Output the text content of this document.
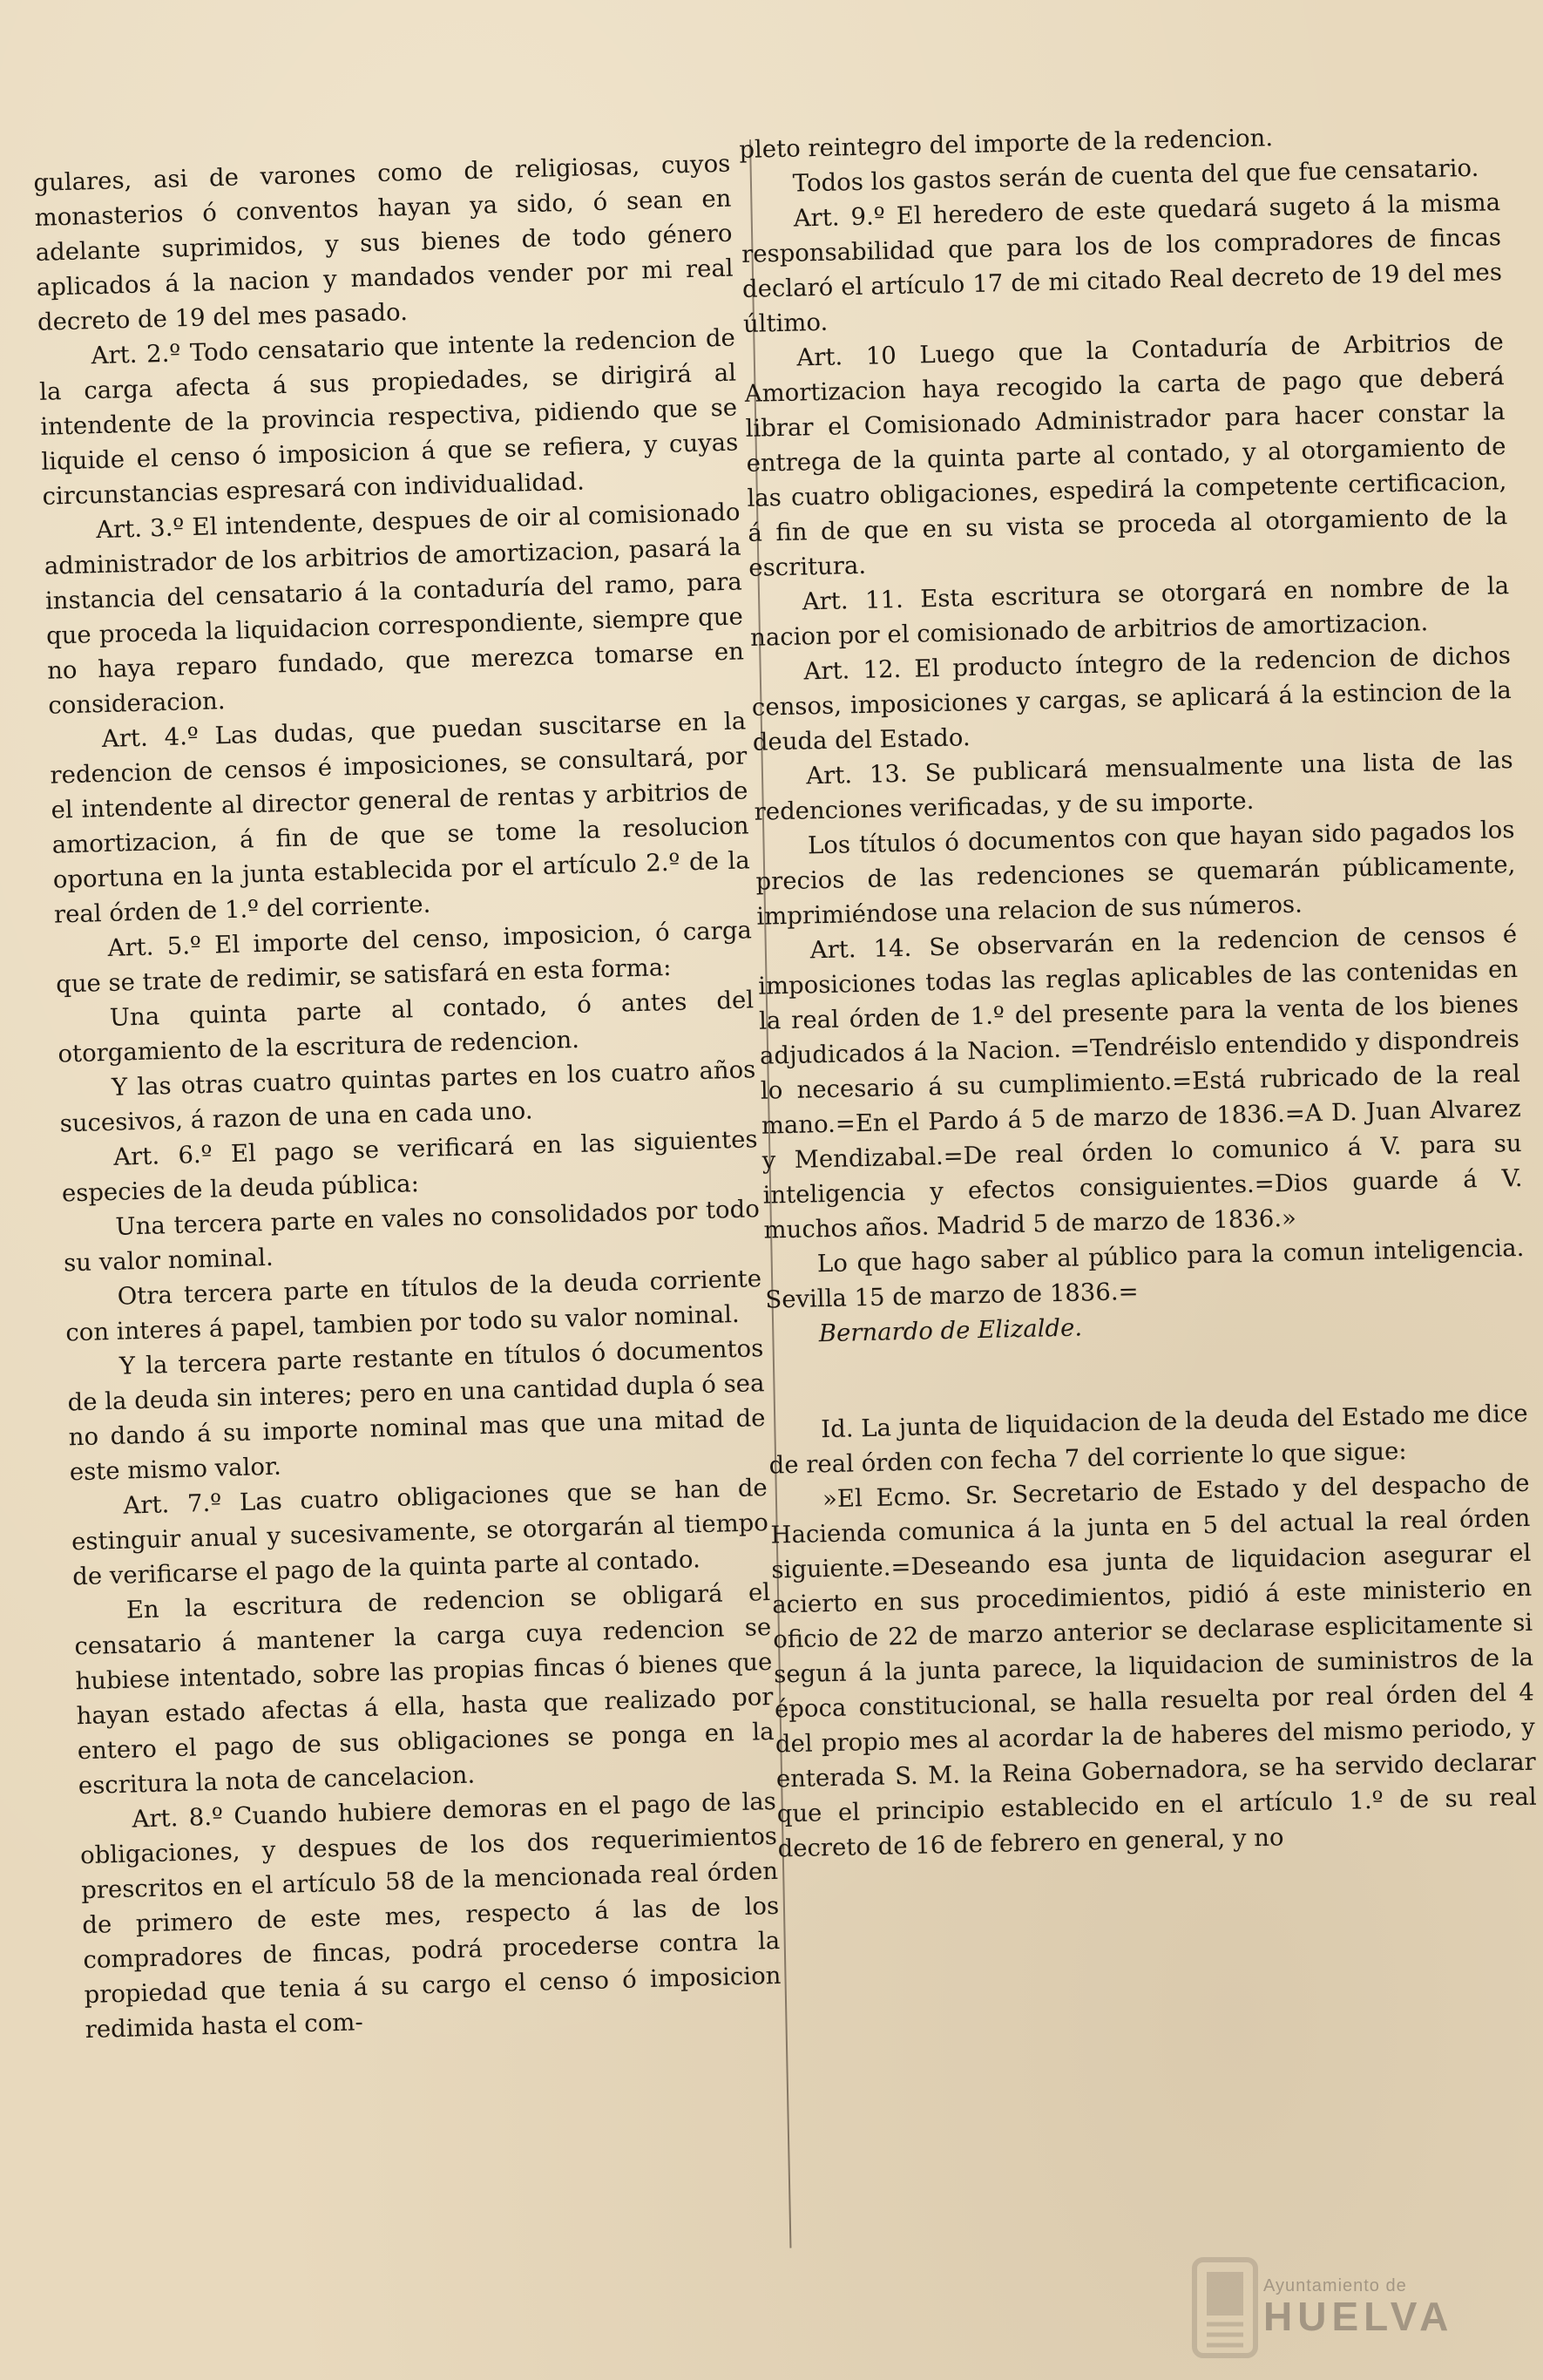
gulares, asi de varones como de religiosas, cuyos monasterios ó conventos hayan ya sido, ó sean en adelante suprimidos, y sus bienes de todo género aplicados á la nacion y mandados vender por mi real decreto de 19 del mes pasado.

Art. 2.º Todo censatario que intente la redencion de la carga afecta á sus propiedades, se dirigirá al intendente de la provincia respectiva, pidiendo que se liquide el censo ó imposicion á que se refiera, y cuyas circunstancias espresará con individualidad.

Art. 3.º El intendente, despues de oir al comisionado administrador de los arbitrios de amortizacion, pasará la instancia del censatario á la contaduría del ramo, para que proceda la liquidacion correspondiente, siempre que no haya reparo fundado, que merezca tomarse en consideracion.

Art. 4.º Las dudas, que puedan suscitarse en la redencion de censos é imposiciones, se consultará, por el intendente al director general de rentas y arbitrios de amortizacion, á fin de que se tome la resolucion oportuna en la junta establecida por el artículo 2.º de la real órden de 1.º del corriente.

Art. 5.º El importe del censo, imposicion, ó carga que se trate de redimir, se satisfará en esta forma:

Una quinta parte al contado, ó antes del otorgamiento de la escritura de redencion.

Y las otras cuatro quintas partes en los cuatro años sucesivos, á razon de una en cada uno.

Art. 6.º El pago se verificará en las siguientes especies de la deuda pública:

Una tercera parte en vales no consolidados por todo su valor nominal.

Otra tercera parte en títulos de la deuda corriente con interes á papel, tambien por todo su valor nominal.

Y la tercera parte restante en títulos ó documentos de la deuda sin interes; pero en una cantidad dupla ó sea no dando á su importe nominal mas que una mitad de este mismo valor.

Art. 7.º Las cuatro obligaciones que se han de estinguir anual y sucesivamente, se otorgarán al tiempo de verificarse el pago de la quinta parte al contado.

En la escritura de redencion se obligará el censatario á mantener la carga cuya redencion se hubiese intentado, sobre las propias fincas ó bienes que hayan estado afectas á ella, hasta que realizado por entero el pago de sus obligaciones se ponga en la escritura la nota de cancelacion.

Art. 8.º Cuando hubiere demoras en el pago de las obligaciones, y despues de los dos requerimientos prescritos en el artículo 58 de la mencionada real órden de primero de este mes, respecto á las de los compradores de fincas, podrá procederse contra la propiedad que tenia á su cargo el censo ó imposicion redimida hasta el com-

pleto reintegro del importe de la redencion.

Todos los gastos serán de cuenta del que fue censatario.

Art. 9.º El heredero de este quedará sugeto á la misma responsabilidad que para los de los compradores de fincas declaró el artículo 17 de mi citado Real decreto de 19 del mes último.

Art. 10 Luego que la Contaduría de Arbitrios de Amortizacion haya recogido la carta de pago que deberá librar el Comisionado Administrador para hacer constar la entrega de la quinta parte al contado, y al otorgamiento de las cuatro obligaciones, espedirá la competente certificacion, á fin de que en su vista se proceda al otorgamiento de la escritura.

Art. 11. Esta escritura se otorgará en nombre de la nacion por el comisionado de arbitrios de amortizacion.

Art. 12. El producto íntegro de la redencion de dichos censos, imposiciones y cargas, se aplicará á la estincion de la deuda del Estado.

Art. 13. Se publicará mensualmente una lista de las redenciones verificadas, y de su importe.

Los títulos ó documentos con que hayan sido pagados los precios de las redenciones se quemarán públicamente, imprimiéndose una relacion de sus números.

Art. 14. Se observarán en la redencion de censos é imposiciones todas las reglas aplicables de las contenidas en la real órden de 1.º del presente para la venta de los bienes adjudicados á la Nacion. =Tendréislo entendido y dispondreis lo necesario á su cumplimiento.=Está rubricado de la real mano.=En el Pardo á 5 de marzo de 1836.=A D. Juan Alvarez y Mendizabal.=De real órden lo comunico á V. para su inteligencia y efectos consiguientes.=Dios guarde á V. muchos años. Madrid 5 de marzo de 1836.»

Lo que hago saber al público para la comun inteligencia. Sevilla 15 de marzo de 1836.=

Bernardo de Elizalde.

Id. La junta de liquidacion de la deuda del Estado me dice de real órden con fecha 7 del corriente lo que sigue:

»El Ecmo. Sr. Secretario de Estado y del despacho de Hacienda comunica á la junta en 5 del actual la real órden siguiente.=Deseando esa junta de liquidacion asegurar el acierto en sus procedimientos, pidió á este ministerio en oficio de 22 de marzo anterior se declarase esplicitamente si segun á la junta parece, la liquidacion de suministros de la época constitucional, se halla resuelta por real órden del 4 del propio mes al acordar la de haberes del mismo periodo, y enterada S. M. la Reina Gobernadora, se ha servido declarar que el principio establecido en el artículo 1.º de su real decreto de 16 de febrero en general, y no

Ayuntamiento de
HUELVA
